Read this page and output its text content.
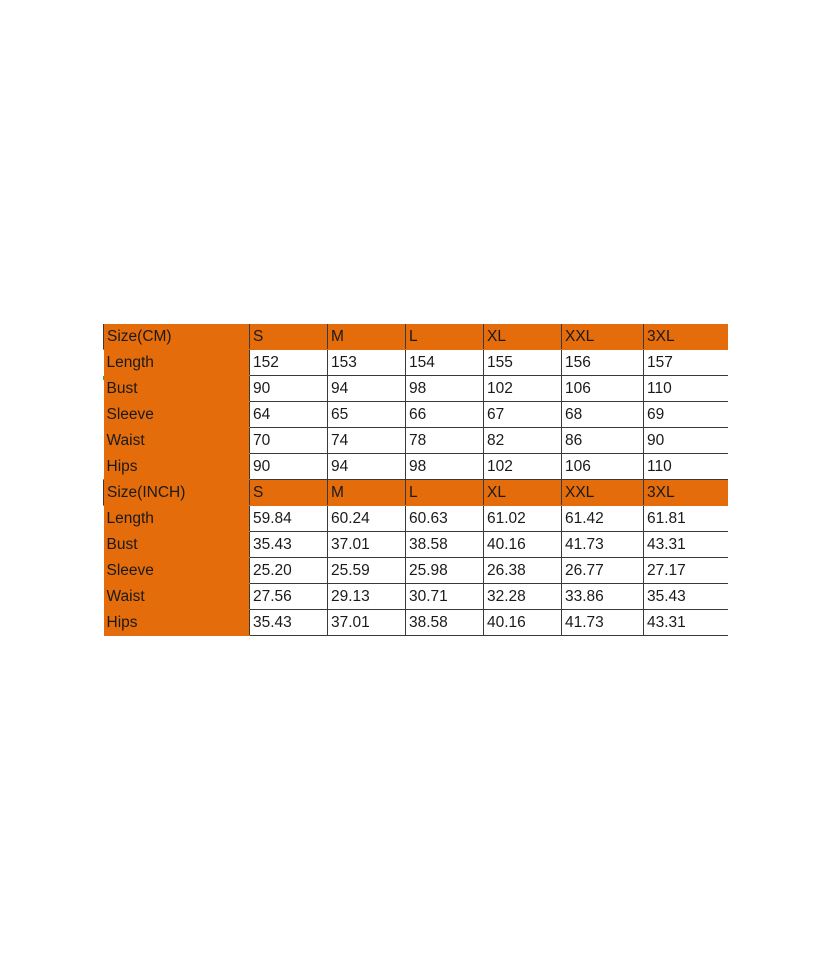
Size(CM)	S	M	L	XL	XXL	3XL
Length	152	153	154	155	156	157
Bust	90	94	98	102	106	110
Sleeve	64	65	66	67	68	69
Waist	70	74	78	82	86	90
Hips	90	94	98	102	106	110
Size(INCH)	S	M	L	XL	XXL	3XL
Length	59.84	60.24	60.63	61.02	61.42	61.81
Bust	35.43	37.01	38.58	40.16	41.73	43.31
Sleeve	25.20	25.59	25.98	26.38	26.77	27.17
Waist	27.56	29.13	30.71	32.28	33.86	35.43
Hips	35.43	37.01	38.58	40.16	41.73	43.31
